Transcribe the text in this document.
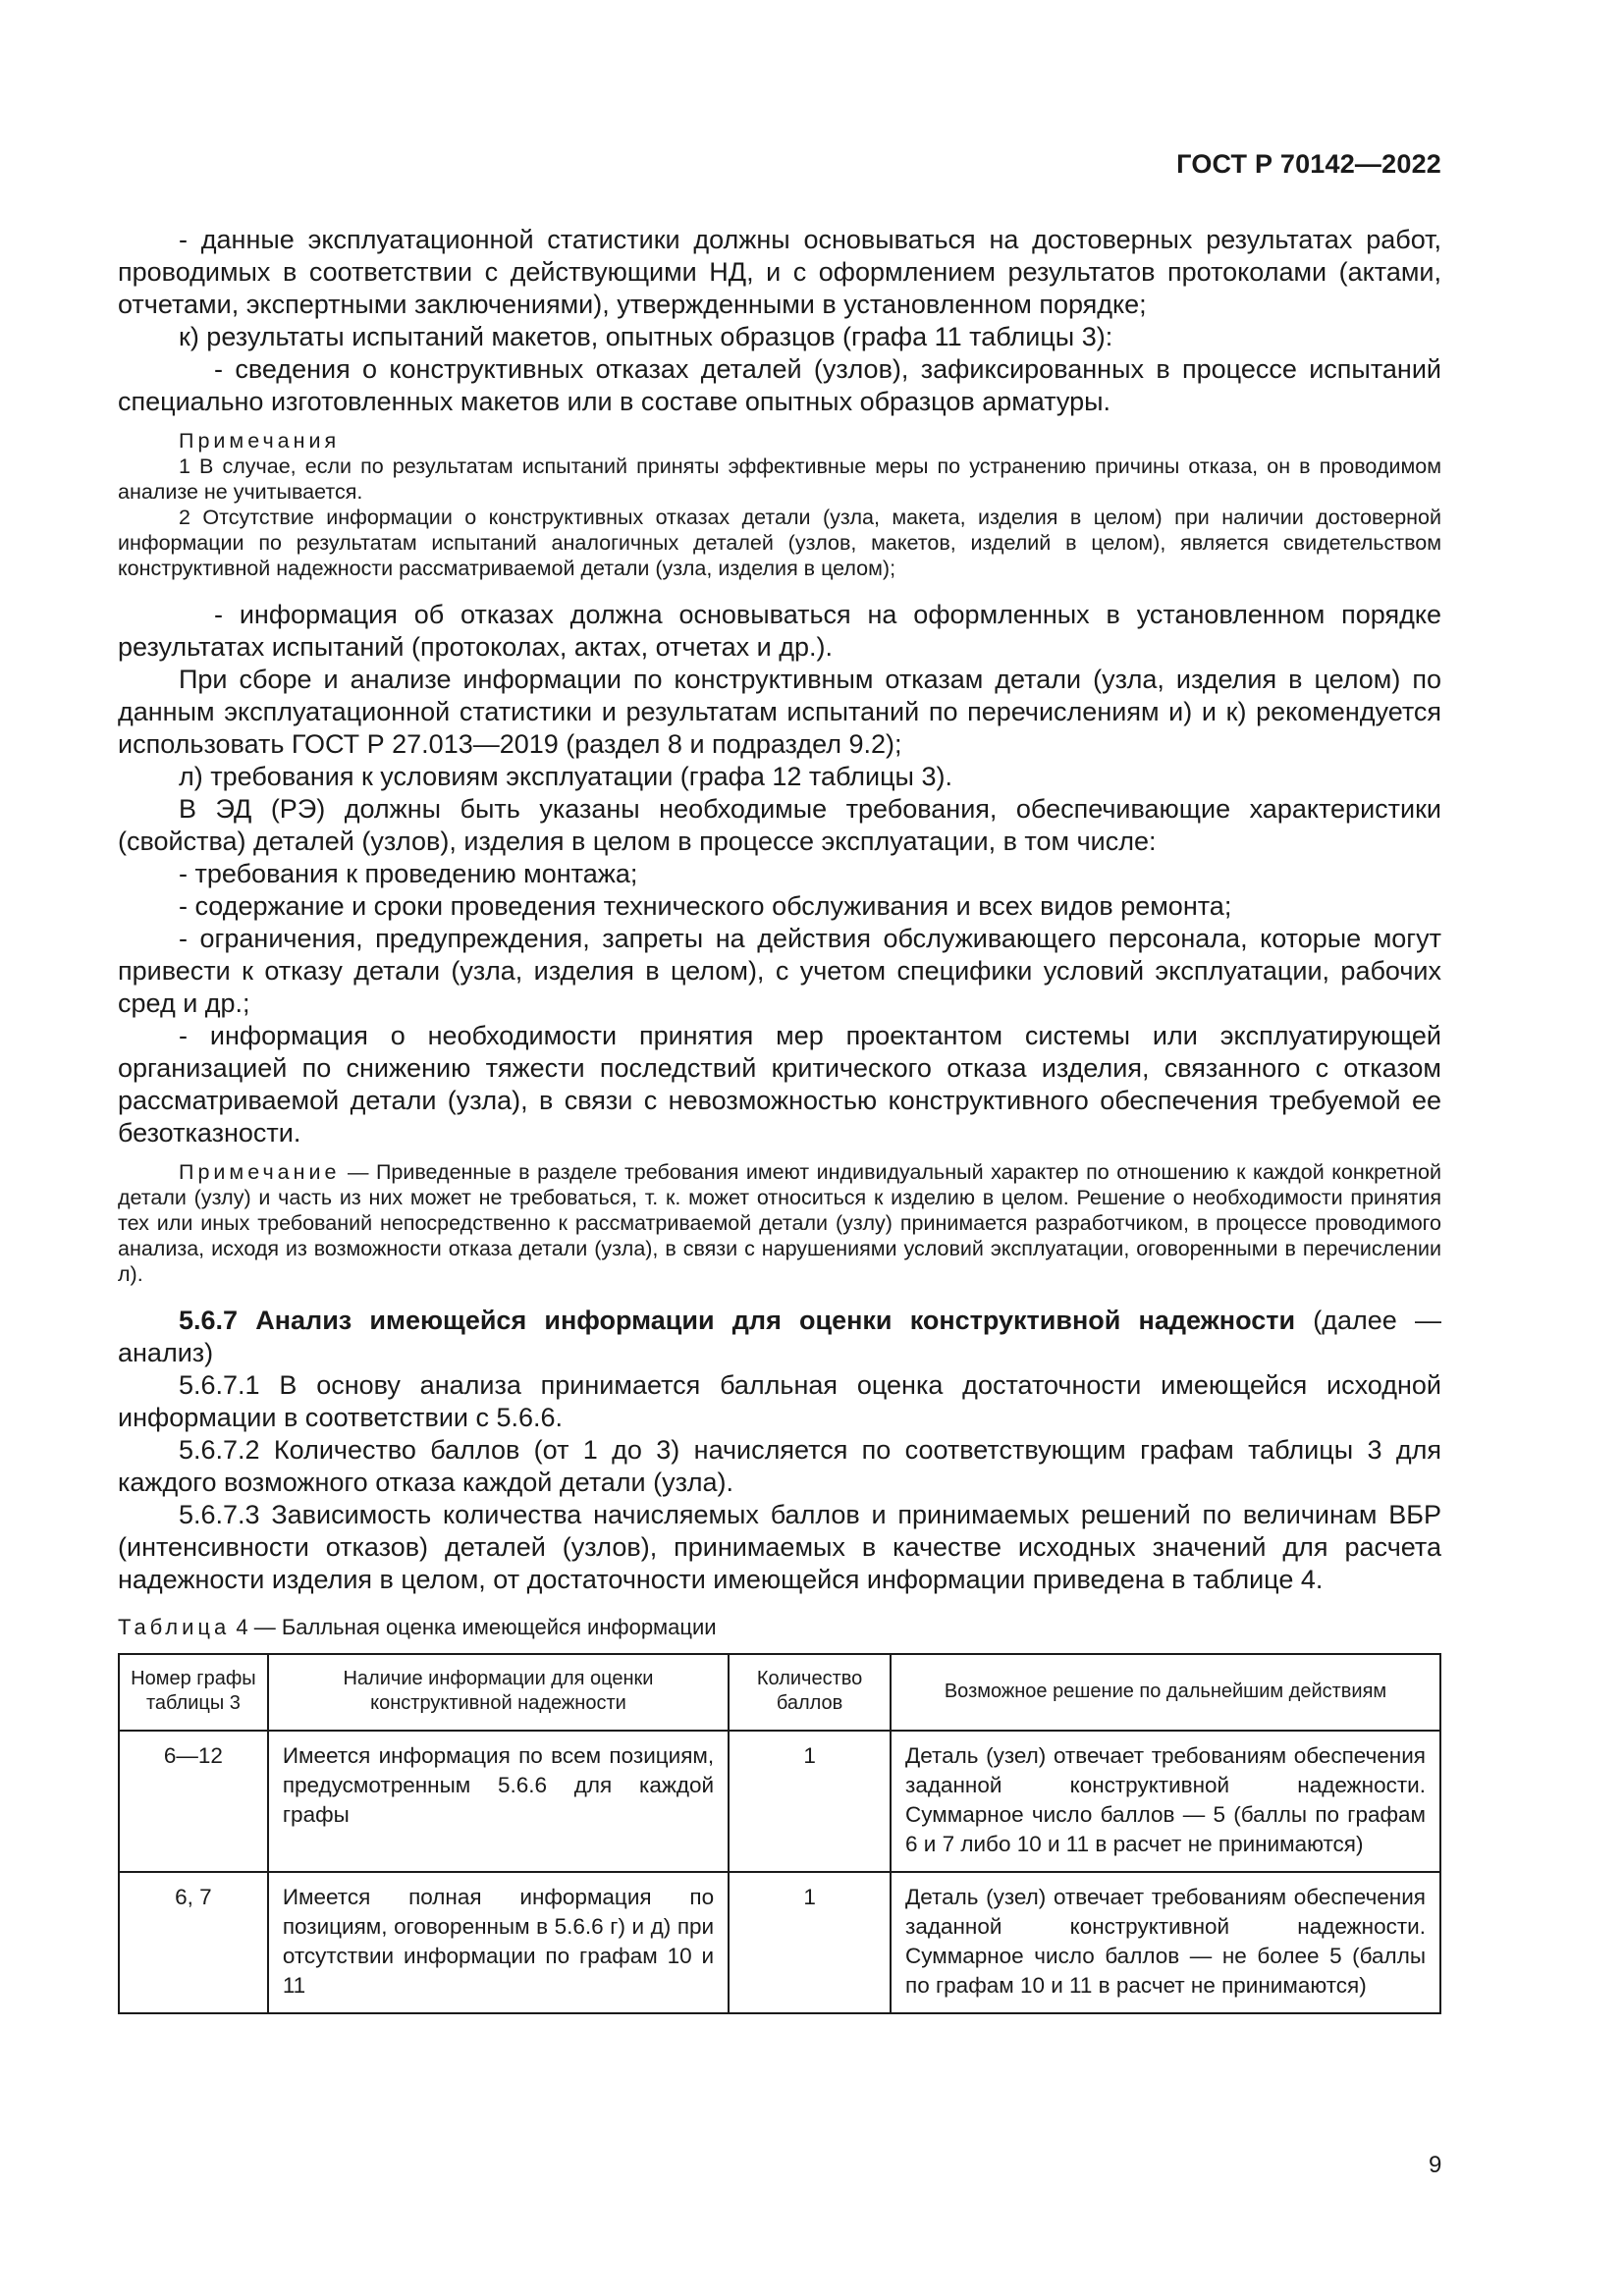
ГОСТ Р 70142—2022

- данные эксплуатационной статистики должны основываться на достоверных результатах работ, проводимых в соответствии с действующими НД, и с оформлением результатов протоколами (актами, отчетами, экспертными заключениями), утвержденными в установленном порядке;

к) результаты испытаний макетов, опытных образцов (графа 11 таблицы 3):

- сведения о конструктивных отказах деталей (узлов), зафиксированных в процессе испытаний специально изготовленных макетов или в составе опытных образцов арматуры.

Примечания

1 В случае, если по результатам испытаний приняты эффективные меры по устранению причины отказа, он в проводимом анализе не учитывается.

2 Отсутствие информации о конструктивных отказах детали (узла, макета, изделия в целом) при наличии достоверной информации по результатам испытаний аналогичных деталей (узлов, макетов, изделий в целом), является свидетельством конструктивной надежности рассматриваемой детали (узла, изделия в целом);

- информация об отказах должна основываться на оформленных в установленном порядке результатах испытаний (протоколах, актах, отчетах и др.).

При сборе и анализе информации по конструктивным отказам детали (узла, изделия в целом) по данным эксплуатационной статистики и результатам испытаний по перечислениям и) и к) рекомендуется использовать ГОСТ Р 27.013—2019 (раздел 8 и подраздел 9.2);

л) требования к условиям эксплуатации (графа 12 таблицы 3).

В ЭД (РЭ) должны быть указаны необходимые требования, обеспечивающие характеристики (свойства) деталей (узлов), изделия в целом в процессе эксплуатации, в том числе:

- требования к проведению монтажа;

- содержание и сроки проведения технического обслуживания и всех видов ремонта;

- ограничения, предупреждения, запреты на действия обслуживающего персонала, которые могут привести к отказу детали (узла, изделия в целом), с учетом специфики условий эксплуатации, рабочих сред и др.;

- информация о необходимости принятия мер проектантом системы или эксплуатирующей организацией по снижению тяжести последствий критического отказа изделия, связанного с отказом рассматриваемой детали (узла), в связи с невозможностью конструктивного обеспечения требуемой ее безотказности.

Примечание — Приведенные в разделе требования имеют индивидуальный характер по отношению к каждой конкретной детали (узлу) и часть из них может не требоваться, т. к. может относиться к изделию в целом. Решение о необходимости принятия тех или иных требований непосредственно к рассматриваемой детали (узлу) принимается разработчиком, в процессе проводимого анализа, исходя из возможности отказа детали (узла), в связи с нарушениями условий эксплуатации, оговоренными в перечислении л).

5.6.7 Анализ имеющейся информации для оценки конструктивной надежности (далее — анализ)

5.6.7.1 В основу анализа принимается балльная оценка достаточности имеющейся исходной информации в соответствии с 5.6.6.

5.6.7.2 Количество баллов (от 1 до 3) начисляется по соответствующим графам таблицы 3 для каждого возможного отказа каждой детали (узла).

5.6.7.3 Зависимость количества начисляемых баллов и принимаемых решений по величинам ВБР (интенсивности отказов) деталей (узлов), принимаемых в качестве исходных значений для расчета надежности изделия в целом, от достаточности имеющейся информации приведена в таблице 4.

Таблица 4 — Балльная оценка имеющейся информации

Номер графы таблицы 3	Наличие информации для оценки конструктивной надежности	Количество баллов	Возможное решение по дальнейшим действиям
6—12	Имеется информация по всем позициям, предусмотренным 5.6.6 для каждой графы	1	Деталь (узел) отвечает требованиям обеспечения заданной конструктивной надежности. Суммарное число баллов — 5 (баллы по графам 6 и 7 либо 10 и 11 в расчет не принимаются)
6, 7	Имеется полная информация по позициям, оговоренным в 5.6.6 г) и д) при отсутствии информации по графам 10 и 11	1	Деталь (узел) отвечает требованиям обеспечения заданной конструктивной надежности. Суммарное число баллов — не более 5 (баллы по графам 10 и 11 в расчет не принимаются)
9
